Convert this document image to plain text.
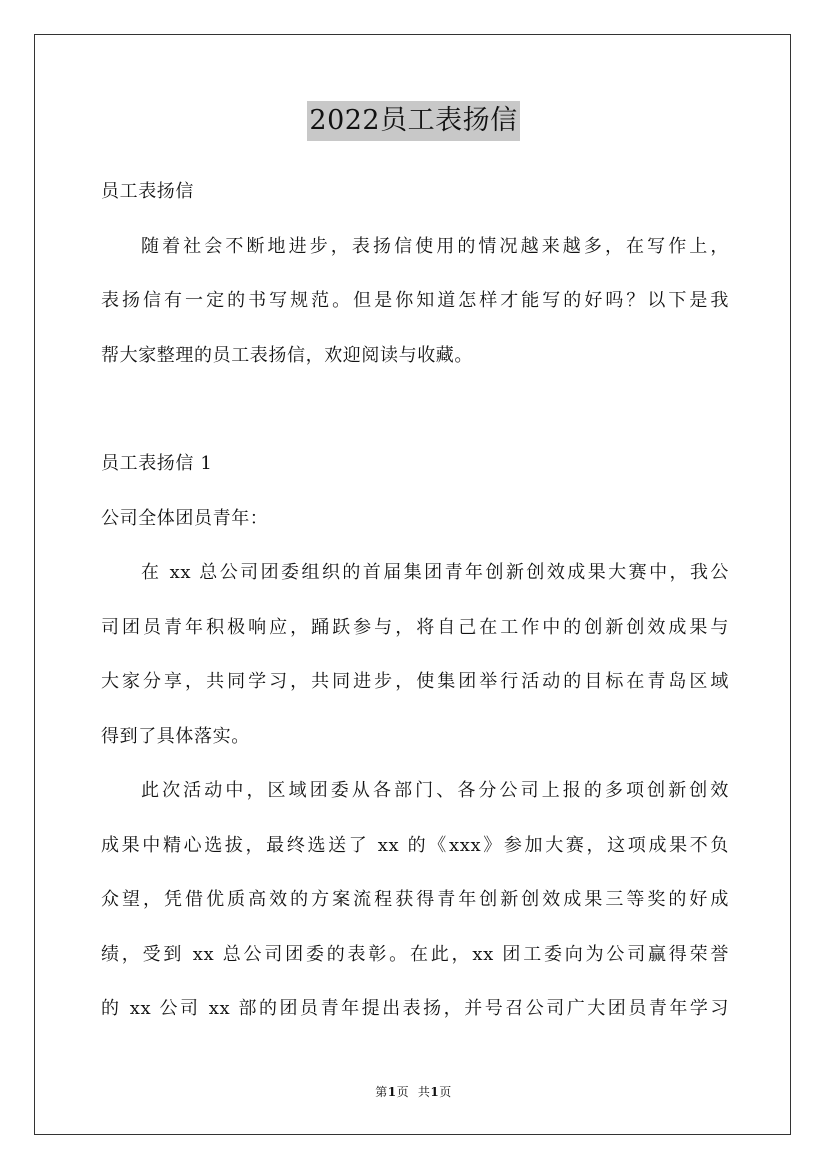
2022员工表扬信
员工表扬信
随着社会不断地进步，表扬信使用的情况越来越多，在写作上，
表扬信有一定的书写规范。但是你知道怎样才能写的好吗？以下是我
帮大家整理的员工表扬信，欢迎阅读与收藏。
员工表扬信 1
公司全体团员青年：
在 xx 总公司团委组织的首届集团青年创新创效成果大赛中，我公
司团员青年积极响应，踊跃参与，将自己在工作中的创新创效成果与
大家分享，共同学习，共同进步，使集团举行活动的目标在青岛区域
得到了具体落实。
此次活动中，区域团委从各部门、各分公司上报的多项创新创效
成果中精心选拔，最终选送了 xx 的《xxx》参加大赛，这项成果不负
众望，凭借优质高效的方案流程获得青年创新创效成果三等奖的好成
绩，受到 xx 总公司团委的表彰。在此，xx 团工委向为公司赢得荣誉
的 xx 公司 xx 部的团员青年提出表扬，并号召公司广大团员青年学习
第1页 共1页
